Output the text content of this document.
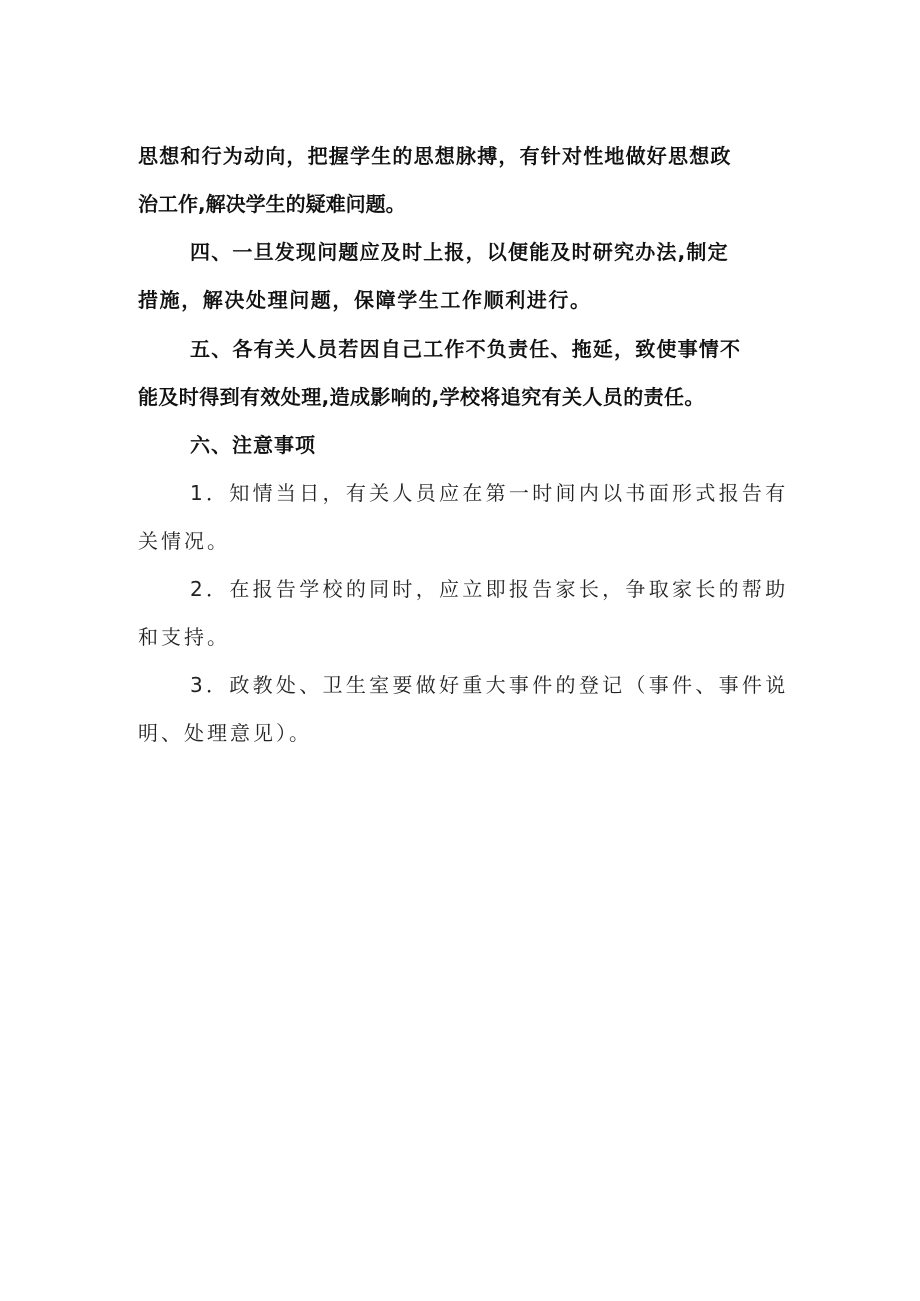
思想和行为动向，把握学生的思想脉搏，有针对性地做好思想政
治工作,解决学生的疑难问题。
四、一旦发现问题应及时上报，以便能及时研究办法,制定
措施，解决处理问题，保障学生工作顺利进行。
五、各有关人员若因自己工作不负责任、拖延，致使事情不
能及时得到有效处理,造成影响的,学校将追究有关人员的责任。
六、注意事项
1．知情当日，有关人员应在第一时间内以书面形式报告有
关情况。
2．在报告学校的同时，应立即报告家长，争取家长的帮助
和支持。
3．政教处、卫生室要做好重大事件的登记（事件、事件说
明、处理意见）。
